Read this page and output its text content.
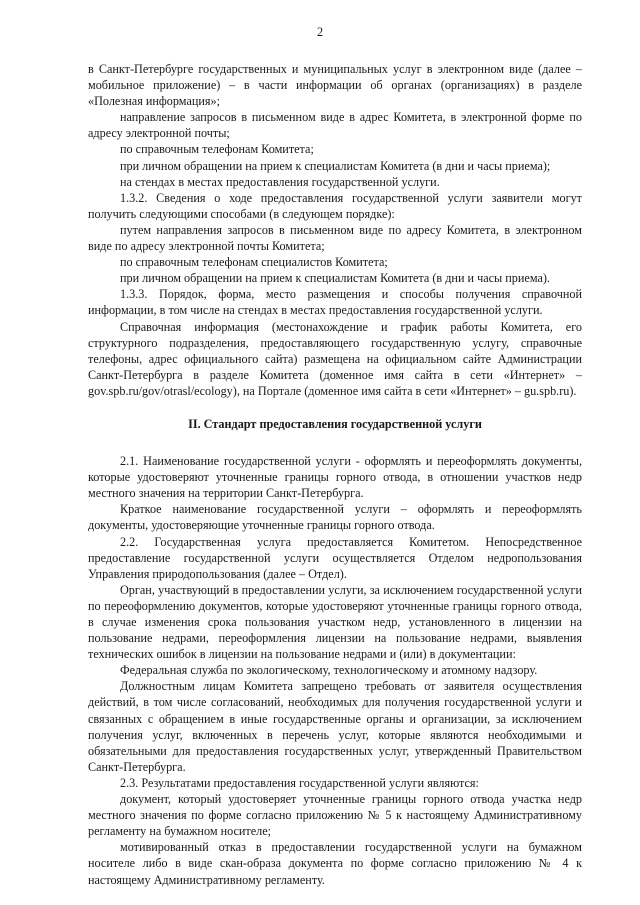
2

в Санкт-Петербурге государственных и муниципальных услуг в электронном виде (далее – мобильное приложение) – в части информации об органах (организациях) в разделе «Полезная информация»;

направление запросов в письменном виде в адрес Комитета, в электронной форме по адресу электронной почты;

по справочным телефонам Комитета;

при личном обращении на прием к специалистам Комитета (в дни и часы приема);

на стендах в местах предоставления государственной услуги.

1.3.2. Сведения о ходе предоставления государственной услуги заявители могут получить следующими способами (в следующем порядке):

путем направления запросов в письменном виде по адресу Комитета, в электронном виде по адресу электронной почты Комитета;

по справочным телефонам специалистов Комитета;

при личном обращении на прием к специалистам Комитета (в дни и часы приема).

1.3.3. Порядок, форма, место размещения и способы получения справочной информации, в том числе на стендах в местах предоставления государственной услуги.

Справочная информация (местонахождение и график работы Комитета, его структурного подразделения, предоставляющего государственную услугу, справочные телефоны, адрес официального сайта) размещена на официальном сайте Администрации Санкт-Петербурга в разделе Комитета (доменное имя сайта в сети «Интернет» – gov.spb.ru/gov/otrasl/ecology), на Портале (доменное имя сайта в сети «Интернет» – gu.spb.ru).

II. Стандарт предоставления государственной услуги

2.1. Наименование государственной услуги - оформлять и переоформлять документы, которые удостоверяют уточненные границы горного отвода, в отношении участков недр местного значения на территории Санкт-Петербурга.

Краткое наименование государственной услуги – оформлять и переоформлять документы, удостоверяющие уточненные границы горного отвода.

2.2. Государственная услуга предоставляется Комитетом. Непосредственное предоставление государственной услуги осуществляется Отделом недропользования Управления природопользования (далее – Отдел).

Орган, участвующий в предоставлении услуги, за исключением государственной услуги по переоформлению документов, которые удостоверяют уточненные границы горного отвода, в случае изменения срока пользования участком недр, установленного в лицензии на пользование недрами, переоформления лицензии на пользование недрами, выявления технических ошибок в лицензии на пользование недрами и (или) в документации:

Федеральная служба по экологическому, технологическому и атомному надзору.

Должностным лицам Комитета запрещено требовать от заявителя осуществления действий, в том числе согласований, необходимых для получения государственной услуги и связанных с обращением в иные государственные органы и организации, за исключением получения услуг, включенных в перечень услуг, которые являются необходимыми и обязательными для предоставления государственных услуг, утвержденный Правительством Санкт-Петербурга.

2.3. Результатами предоставления государственной услуги являются:

документ, который удостоверяет уточненные границы горного отвода участка недр местного значения по форме согласно приложению № 5 к настоящему Административному регламенту на бумажном носителе;

мотивированный отказ в предоставлении государственной услуги на бумажном носителе либо в виде скан-образа документа по форме согласно приложению № 4 к настоящему Административному регламенту.
